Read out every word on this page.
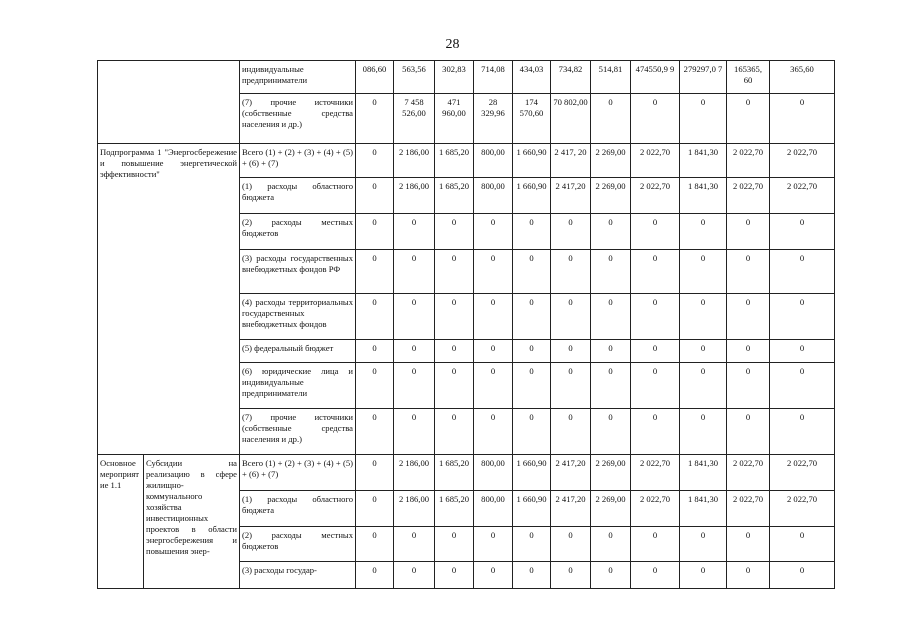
28
		индивидуальные предприниматели	086,60	563,56	302,83	714,08	434,03	734,82	514,81	474550,9 9	279297,0 7	165365, 60	365,60
		(7) прочие источники (собственные средства населения и др.)	0	7 458 526,00	471 960,00	28 329,96	174 570,60	70 802,00	0	0	0	0	0
Подпрограмма 1 "Энергосбережение и повышение энергетической эффективности"		Всего (1) + (2) + (3) + (4) + (5) + (6) + (7)	0	2 186,00	1 685,20	800,00	1 660,90	2 417, 20	2 269,00	2 022,70	1 841,30	2 022,70	2 022,70
		(1) расходы областного бюджета	0	2 186,00	1 685,20	800,00	1 660,90	2 417,20	2 269,00	2 022,70	1 841,30	2 022,70	2 022,70
		(2) расходы местных бюджетов	0	0	0	0	0	0	0	0	0	0	0
		(3) расходы государственных внебюджетных фондов РФ	0	0	0	0	0	0	0	0	0	0	0
		(4) расходы территориальных государственных внебюджетных фондов	0	0	0	0	0	0	0	0	0	0	0
		(5) федеральный бюджет	0	0	0	0	0	0	0	0	0	0	0
		(6) юридические лица и индивидуальные предприниматели	0	0	0	0	0	0	0	0	0	0	0
		(7) прочие источники (собственные средства населения и др.)	0	0	0	0	0	0	0	0	0	0	0
Основное мероприятие 1.1	Субсидии на реализацию в сфере жилищно-коммунального хозяйства инвестиционных проектов в области энергосбережения и повышения энер-	Всего (1) + (2) + (3) + (4) + (5) + (6) + (7)	0	2 186,00	1 685,20	800,00	1 660,90	2 417,20	2 269,00	2 022,70	1 841,30	2 022,70	2 022,70
		(1) расходы областного бюджета	0	2 186,00	1 685,20	800,00	1 660,90	2 417,20	2 269,00	2 022,70	1 841,30	2 022,70	2 022,70
		(2) расходы местных бюджетов	0	0	0	0	0	0	0	0	0	0	0
		(3) расходы государ-	0	0	0	0	0	0	0	0	0	0	0
